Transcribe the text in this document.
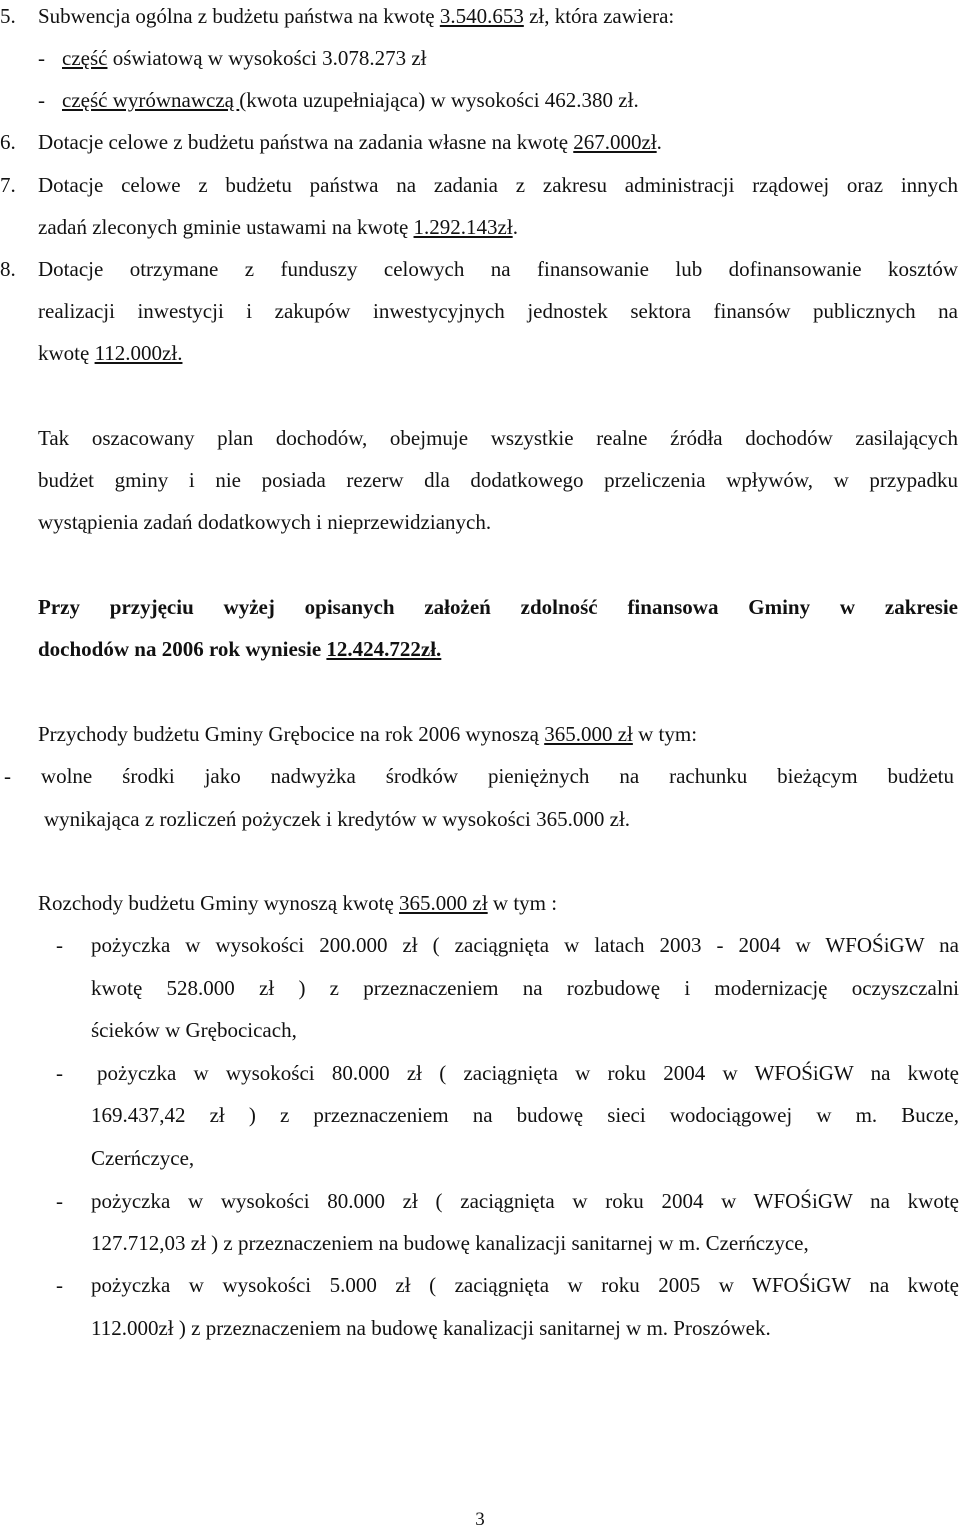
5. Subwencja ogólna z budżetu państwa na kwotę 3.540.653 zł, która zawiera:
- część oświatową w wysokości 3.078.273 zł
- część wyrównawczą (kwota uzupełniająca) w wysokości 462.380 zł.
6. Dotacje celowe z budżetu państwa na zadania własne na kwotę 267.000zł.
7. Dotacje celowe z budżetu państwa na zadania z zakresu administracji rządowej oraz innych
zadań zleconych gminie ustawami na kwotę 1.292.143zł.
8. Dotacje otrzymane z funduszy celowych na finansowanie lub dofinansowanie kosztów
realizacji inwestycji i zakupów inwestycyjnych jednostek sektora finansów publicznych na
kwotę 112.000zł.
Tak oszacowany plan dochodów, obejmuje wszystkie realne źródła dochodów zasilających
budżet gminy i nie posiada rezerw dla dodatkowego przeliczenia wpływów, w przypadku
wystąpienia zadań dodatkowych i nieprzewidzianych.
Przy przyjęciu wyżej opisanych założeń zdolność finansowa Gminy w zakresie
dochodów na 2006 rok wyniesie 12.424.722zł.
Przychody budżetu Gminy Grębocice na rok 2006 wynoszą 365.000 zł w tym:
- wolne środki jako nadwyżka środków pieniężnych na rachunku bieżącym budżetu
wynikająca z rozliczeń pożyczek i kredytów w wysokości 365.000 zł.
Rozchody budżetu Gminy wynoszą kwotę 365.000 zł w tym :
- pożyczka w wysokości 200.000 zł ( zaciągnięta w latach 2003 - 2004 w WFOŚiGW na
kwotę 528.000 zł ) z przeznaczeniem na rozbudowę i modernizację oczyszczalni
ścieków w Grębocicach,
- pożyczka w wysokości 80.000 zł ( zaciągnięta w roku 2004 w WFOŚiGW na kwotę
169.437,42 zł ) z przeznaczeniem na budowę sieci wodociągowej w m. Bucze,
Czerńczyce,
- pożyczka w wysokości 80.000 zł ( zaciągnięta w roku 2004 w WFOŚiGW na kwotę
127.712,03 zł ) z przeznaczeniem na budowę kanalizacji sanitarnej w m. Czerńczyce,
- pożyczka w wysokości 5.000 zł ( zaciągnięta w roku 2005 w WFOŚiGW na kwotę
112.000zł ) z przeznaczeniem na budowę kanalizacji sanitarnej w m. Proszówek.
3
